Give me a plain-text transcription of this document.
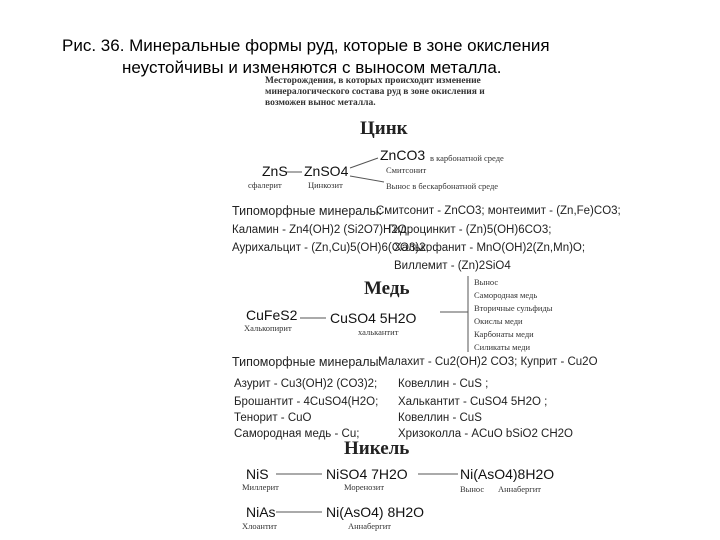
Рис. 36. Минеральные формы руд, которые в зоне окисления
неустойчивы и изменяются с выносом металла.
Месторождения, в которых происходит изменение
минералогического состава руд в зоне окисления и
возможен вынос металла.
Цинк
ZnS
сфалерит
ZnSO4
Цинкозит
ZnCO3 в карбонатной среде
Смитсонит
Вынос в бескарбонатной среде
Типоморфные минералы:
Смитсонит - ZnCO3; монтеимит - (Zn,Fe)CO3;
Каламин - Zn4(OH)2 (Si2O7)H2O;
Гидроцинкит - (Zn)5(OH)6CO3;
Аурихальцит - (Zn,Cu)5(OH)6(CO3)2;
Халькофанит - MnO(OH)2(Zn,Mn)O;
Виллемит - (Zn)2SiO4
Медь
CuFeS2
Халькопирит
CuSO4 5H2O
халькантит
Вынос
Самородная медь
Вторичные сульфиды
Окислы меди
Карбонаты меди
Силикаты меди
Типоморфные минералы:
Малахит - Cu2(OH)2 CO3; Куприт - Cu2O
Азурит - Cu3(OH)2 (CO3)2; Ковеллин - CuS ;
Брошантит - 4CuSO4(H2O; Халькантит - CuSO4 5H2O ;
Тенорит - CuO	Ковеллин - CuS
Самородная медь - Cu;	Хризоколла - ACuO bSiO2 CH2O
Никель
NiS
Миллерит
NiSO4 7H2O
Моренозит
Ni(AsO4)8H2O
Вынос Аннабергит
NiAs
Хлоантит
Ni(AsO4) 8H2O
Аннабергит
